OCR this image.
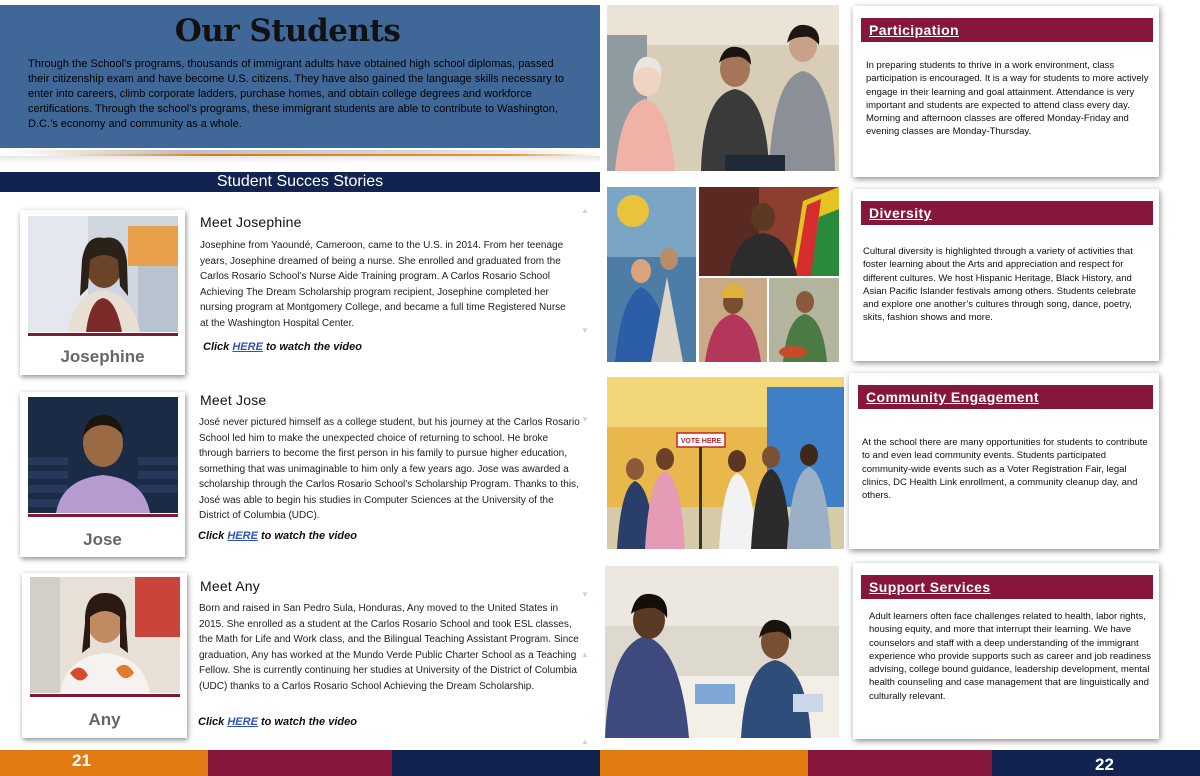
Our Students

Through the School’s programs, thousands of immigrant adults have obtained high school diplomas, passed their citizenship exam and have become U.S. citizens. They have also gained the language skills necessary to enter into careers, climb corporate ladders, purchase homes, and obtain college degrees and workforce certifications. Through the school’s programs, these immigrant students are able to contribute to Washington, D.C.’s economy and community as a whole.

Student Succes Stories
▲
▼
▼
▼
▲
▲
Josephine
Meet Josephine

Josephine from Yaoundé, Cameroon, came to the U.S. in 2014. From her teenage years, Josephine dreamed of being a nurse. She enrolled and graduated from the Carlos Rosario School’s Nurse Aide Training program. A Carlos Rosario School Achieving The Dream Scholarship program recipient, Josephine completed her nursing program at Montgomery College, and became a full time Registered Nurse at the Washington Hospital Center.

Click HERE to watch the video
Jose
Meet Jose

José never pictured himself as a college student, but his journey at the Carlos Rosario School led him to make the unexpected choice of returning to school. He broke through barriers to become the first person in his family to pursue higher education, something that was unimaginable to him only a few years ago. Jose was awarded a scholarship through the Carlos Rosario School’s Scholarship Program. Thanks to this, José was able to begin his studies in Computer Sciences at the University of the District of Columbia (UDC).

Click HERE to watch the video
Any
Meet Any

Born and raised in San Pedro Sula, Honduras, Any moved to the United States in 2015. She enrolled as a student at the Carlos Rosario School and took ESL classes, the Math for Life and Work class, and the Bilingual Teaching Assistant Program. Since graduation, Any has worked at the Mundo Verde Public Charter School as a Teaching Fellow. She is currently continuing her studies at University of the District of Columbia (UDC) thanks to a Carlos Rosario School Achieving the Dream Scholarship.

Click HERE to watch the video
VOTE HERE
Participation

In preparing students to thrive in a work environment, class participation is encouraged. It is a way for students to more actively engage in their learning and goal attainment. Attendance is very important and students are expected to attend class every day. Morning and afternoon classes are offered Monday-Friday and evening classes are Monday-Thursday.

Diversity

Cultural diversity is highlighted through a variety of activities that foster learning about the Arts and appreciation and respect for different cultures. We host Hispanic Heritage, Black History, and Asian Pacific Islander festivals among others. Students celebrate and explore one another’s cultures through song, dance, poetry, skits, fashion shows and more.

Community Engagement

At the school there are many opportunities for students to contribute to and even lead community events. Students participated community-wide events such as a Voter Registration Fair, legal clinics, DC Health Link enrollment, a community cleanup day, and others.

Support Services

Adult learners often face challenges related to health, labor rights, housing equity, and more that interrupt their learning. We have counselors and staff with a deep understanding of the immigrant experience who provide supports such as career and job readiness advising, college bound guidance, leadership development, mental health counseling and case management that are linguistically and culturally relevant.

21	22
